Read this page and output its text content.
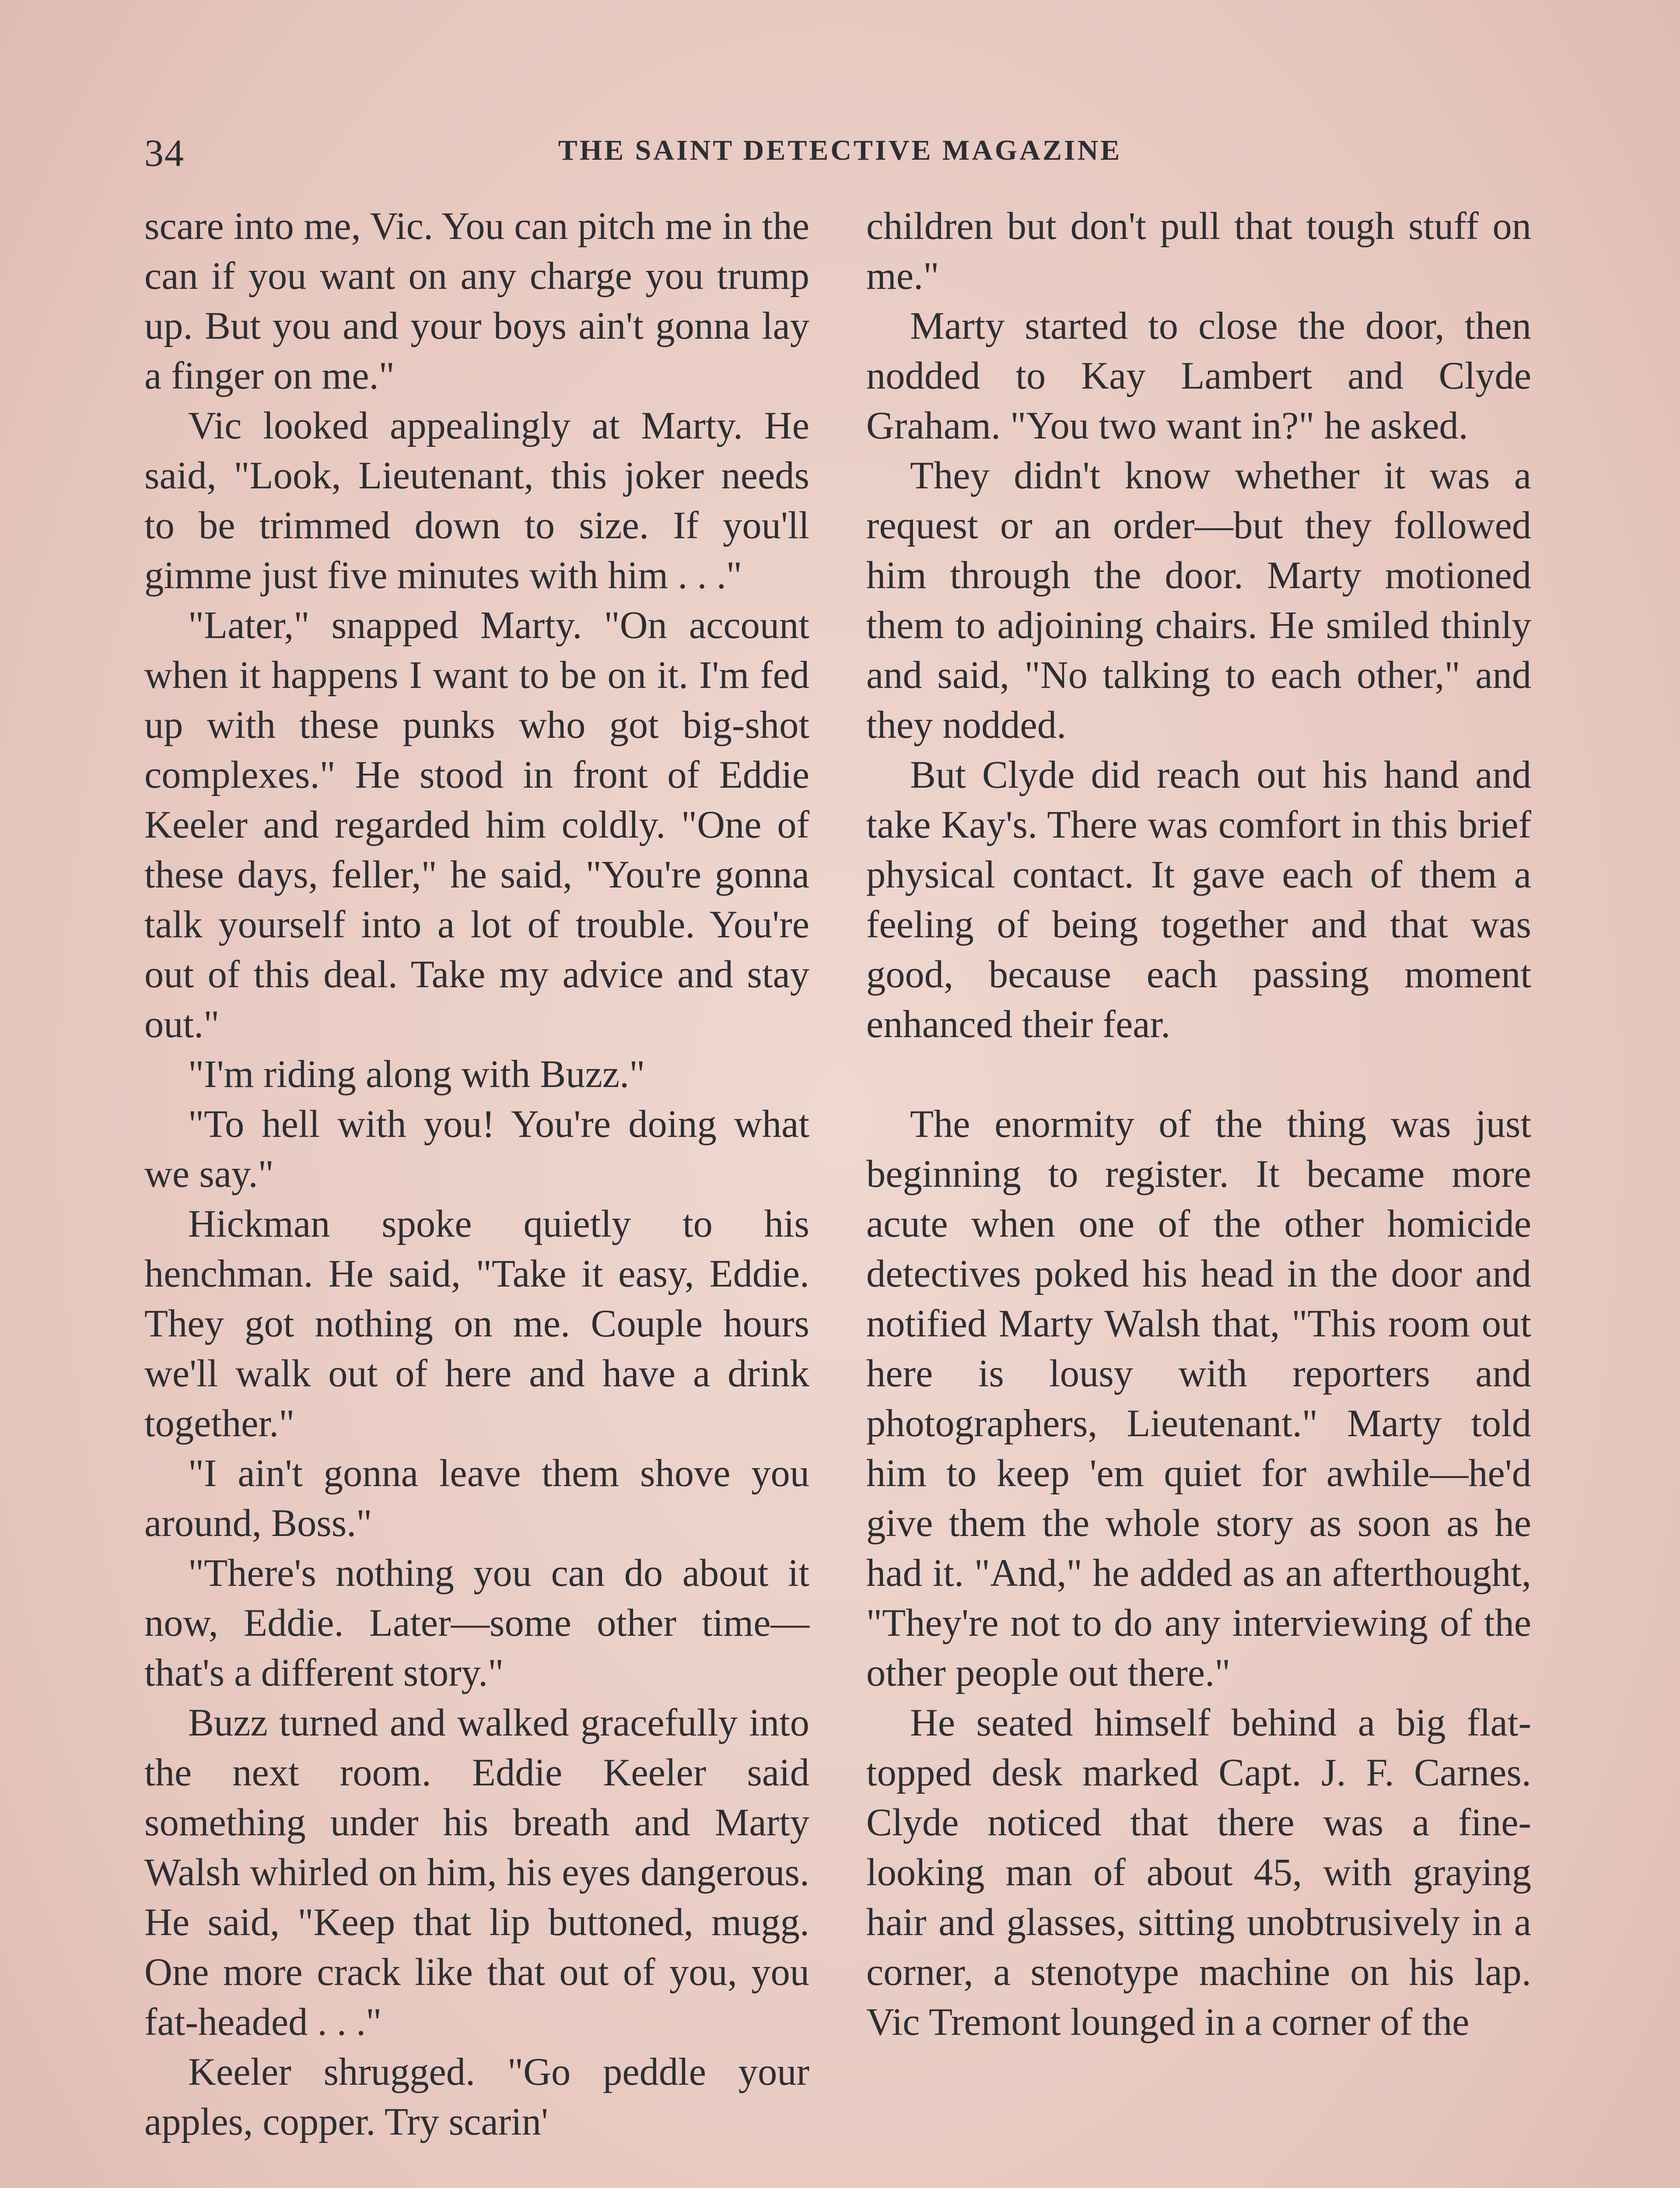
34	THE SAINT DETECTIVE MAGAZINE

scare into me, Vic. You can pitch me in the can if you want on any charge you trump up. But you and your boys ain't gonna lay a finger on me."

Vic looked appealingly at Marty. He said, "Look, Lieutenant, this joker needs to be trimmed down to size. If you'll gimme just five minutes with him . . ."

"Later," snapped Marty. "On account when it happens I want to be on it. I'm fed up with these punks who got big-shot complexes." He stood in front of Eddie Keeler and regarded him coldly. "One of these days, feller," he said, "You're gonna talk yourself into a lot of trouble. You're out of this deal. Take my advice and stay out."

"I'm riding along with Buzz."

"To hell with you! You're doing what we say."

Hickman spoke quietly to his henchman. He said, "Take it easy, Eddie. They got nothing on me. Couple hours we'll walk out of here and have a drink together."

"I ain't gonna leave them shove you around, Boss."

"There's nothing you can do about it now, Eddie. Later—some other time—that's a different story."

Buzz turned and walked gracefully into the next room. Eddie Keeler said something under his breath and Marty Walsh whirled on him, his eyes dangerous. He said, "Keep that lip buttoned, mugg. One more crack like that out of you, you fat-headed . . ."

Keeler shrugged. "Go peddle your apples, copper. Try scarin'

children but don't pull that tough stuff on me."

Marty started to close the door, then nodded to Kay Lambert and Clyde Graham. "You two want in?" he asked.

They didn't know whether it was a request or an order—but they followed him through the door. Marty motioned them to adjoining chairs. He smiled thinly and said, "No talking to each other," and they nodded.

But Clyde did reach out his hand and take Kay's. There was comfort in this brief physical contact. It gave each of them a feeling of being together and that was good, because each passing moment enhanced their fear.

The enormity of the thing was just beginning to register. It became more acute when one of the other homicide detectives poked his head in the door and notified Marty Walsh that, "This room out here is lousy with reporters and photographers, Lieutenant." Marty told him to keep 'em quiet for awhile—he'd give them the whole story as soon as he had it. "And," he added as an afterthought, "They're not to do any interviewing of the other people out there."

He seated himself behind a big flat-topped desk marked Capt. J. F. Carnes. Clyde noticed that there was a fine-looking man of about 45, with graying hair and glasses, sitting unobtrusively in a corner, a stenotype machine on his lap. Vic Tremont lounged in a corner of the
